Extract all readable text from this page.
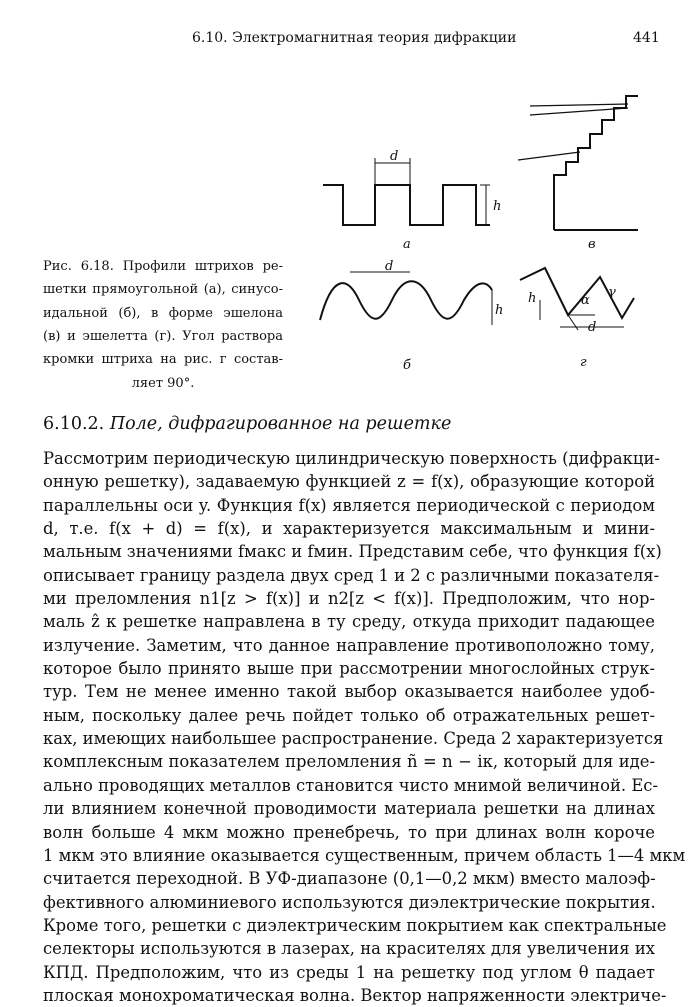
6.10. Электромагнитная теория дифракции	441
d
h
а
d
h
б
в
h
d
α
γ
г
Рис. 6.18. Профили штрихов ре-
шетки прямоугольной (а), синусо-
идальной (б), в форме эшелона
(в) и эшелетта (г). Угол раствора
кромки штриха на рис. г состав-
ляет 90°.
6.10.2. Поле, дифрагированное на решетке
Рассмотрим периодическую цилиндрическую поверхность (дифракци-
онную решетку), задаваемую функцией z = f(x), образующие которой
параллельны оси y. Функция f(x) является периодической с периодом
d, т.е. f(x + d) = f(x), и характеризуется максимальным и мини-
мальным значениями fмакс и fмин. Представим себе, что функция f(x)
описывает границу раздела двух сред 1 и 2 с различными показателя-
ми преломления n1[z > f(x)] и n2[z < f(x)]. Предположим, что нор-
маль ẑ к решетке направлена в ту среду, откуда приходит падающее
излучение. Заметим, что данное направление противоположно тому,
которое было принято выше при рассмотрении многослойных струк-
тур. Тем не менее именно такой выбор оказывается наиболее удоб-
ным, поскольку далее речь пойдет только об отражательных решет-
ках, имеющих наибольшее распространение. Среда 2 характеризуется
комплексным показателем преломления ñ = n − iκ, который для иде-
ально проводящих металлов становится чисто мнимой величиной. Ес-
ли влиянием конечной проводимости материала решетки на длинах
волн больше 4 мкм можно пренебречь, то при длинах волн короче
1 мкм это влияние оказывается существенным, причем область 1—4 мкм
считается переходной. В УФ-диапазоне (0,1—0,2 мкм) вместо малоэф-
фективного алюминиевого используются диэлектрические покрытия.
Кроме того, решетки с диэлектрическим покрытием как спектральные
селекторы используются в лазерах, на красителях для увеличения их
КПД. Предположим, что из среды 1 на решетку под углом θ падает
плоская монохроматическая волна. Вектор напряженности электриче-
